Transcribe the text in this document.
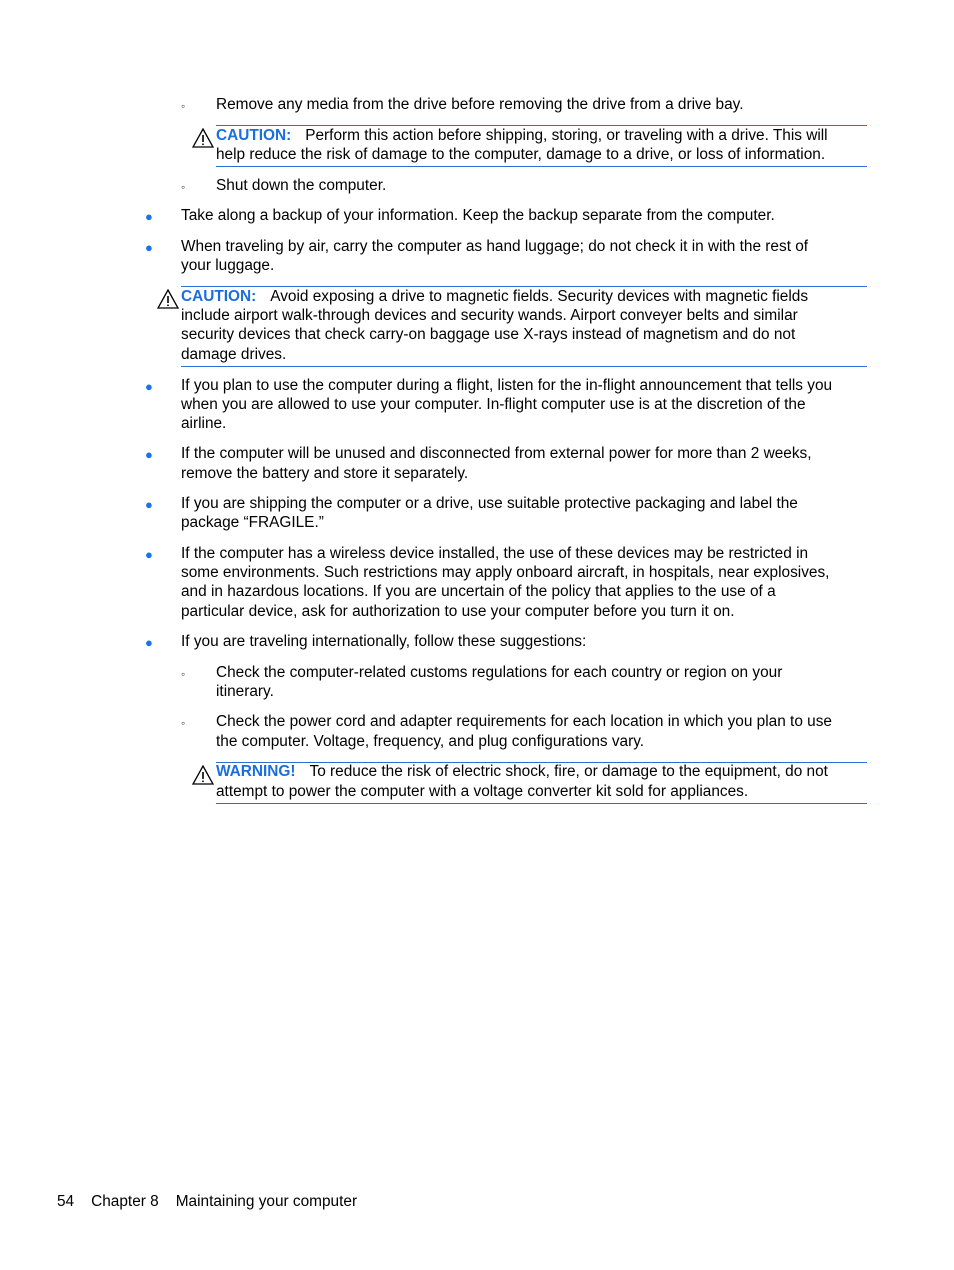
◦ Remove any media from the drive before removing the drive from a drive bay.
CAUTION: Perform this action before shipping, storing, or traveling with a drive. This will
help reduce the risk of damage to the computer, damage to a drive, or loss of information.
◦ Shut down the computer.
● Take along a backup of your information. Keep the backup separate from the computer.
● When traveling by air, carry the computer as hand luggage; do not check it in with the rest of
your luggage.
CAUTION: Avoid exposing a drive to magnetic fields. Security devices with magnetic fields
include airport walk-through devices and security wands. Airport conveyer belts and similar
security devices that check carry-on baggage use X-rays instead of magnetism and do not
damage drives.
● If you plan to use the computer during a flight, listen for the in-flight announcement that tells you
when you are allowed to use your computer. In-flight computer use is at the discretion of the
airline.
● If the computer will be unused and disconnected from external power for more than 2 weeks,
remove the battery and store it separately.
● If you are shipping the computer or a drive, use suitable protective packaging and label the
package “FRAGILE.”
● If the computer has a wireless device installed, the use of these devices may be restricted in
some environments. Such restrictions may apply onboard aircraft, in hospitals, near explosives,
and in hazardous locations. If you are uncertain of the policy that applies to the use of a
particular device, ask for authorization to use your computer before you turn it on.
● If you are traveling internationally, follow these suggestions:
◦ Check the computer-related customs regulations for each country or region on your
itinerary.
◦ Check the power cord and adapter requirements for each location in which you plan to use
the computer. Voltage, frequency, and plug configurations vary.
WARNING! To reduce the risk of electric shock, fire, or damage to the equipment, do not
attempt to power the computer with a voltage converter kit sold for appliances.
54 Chapter 8 Maintaining your computer
